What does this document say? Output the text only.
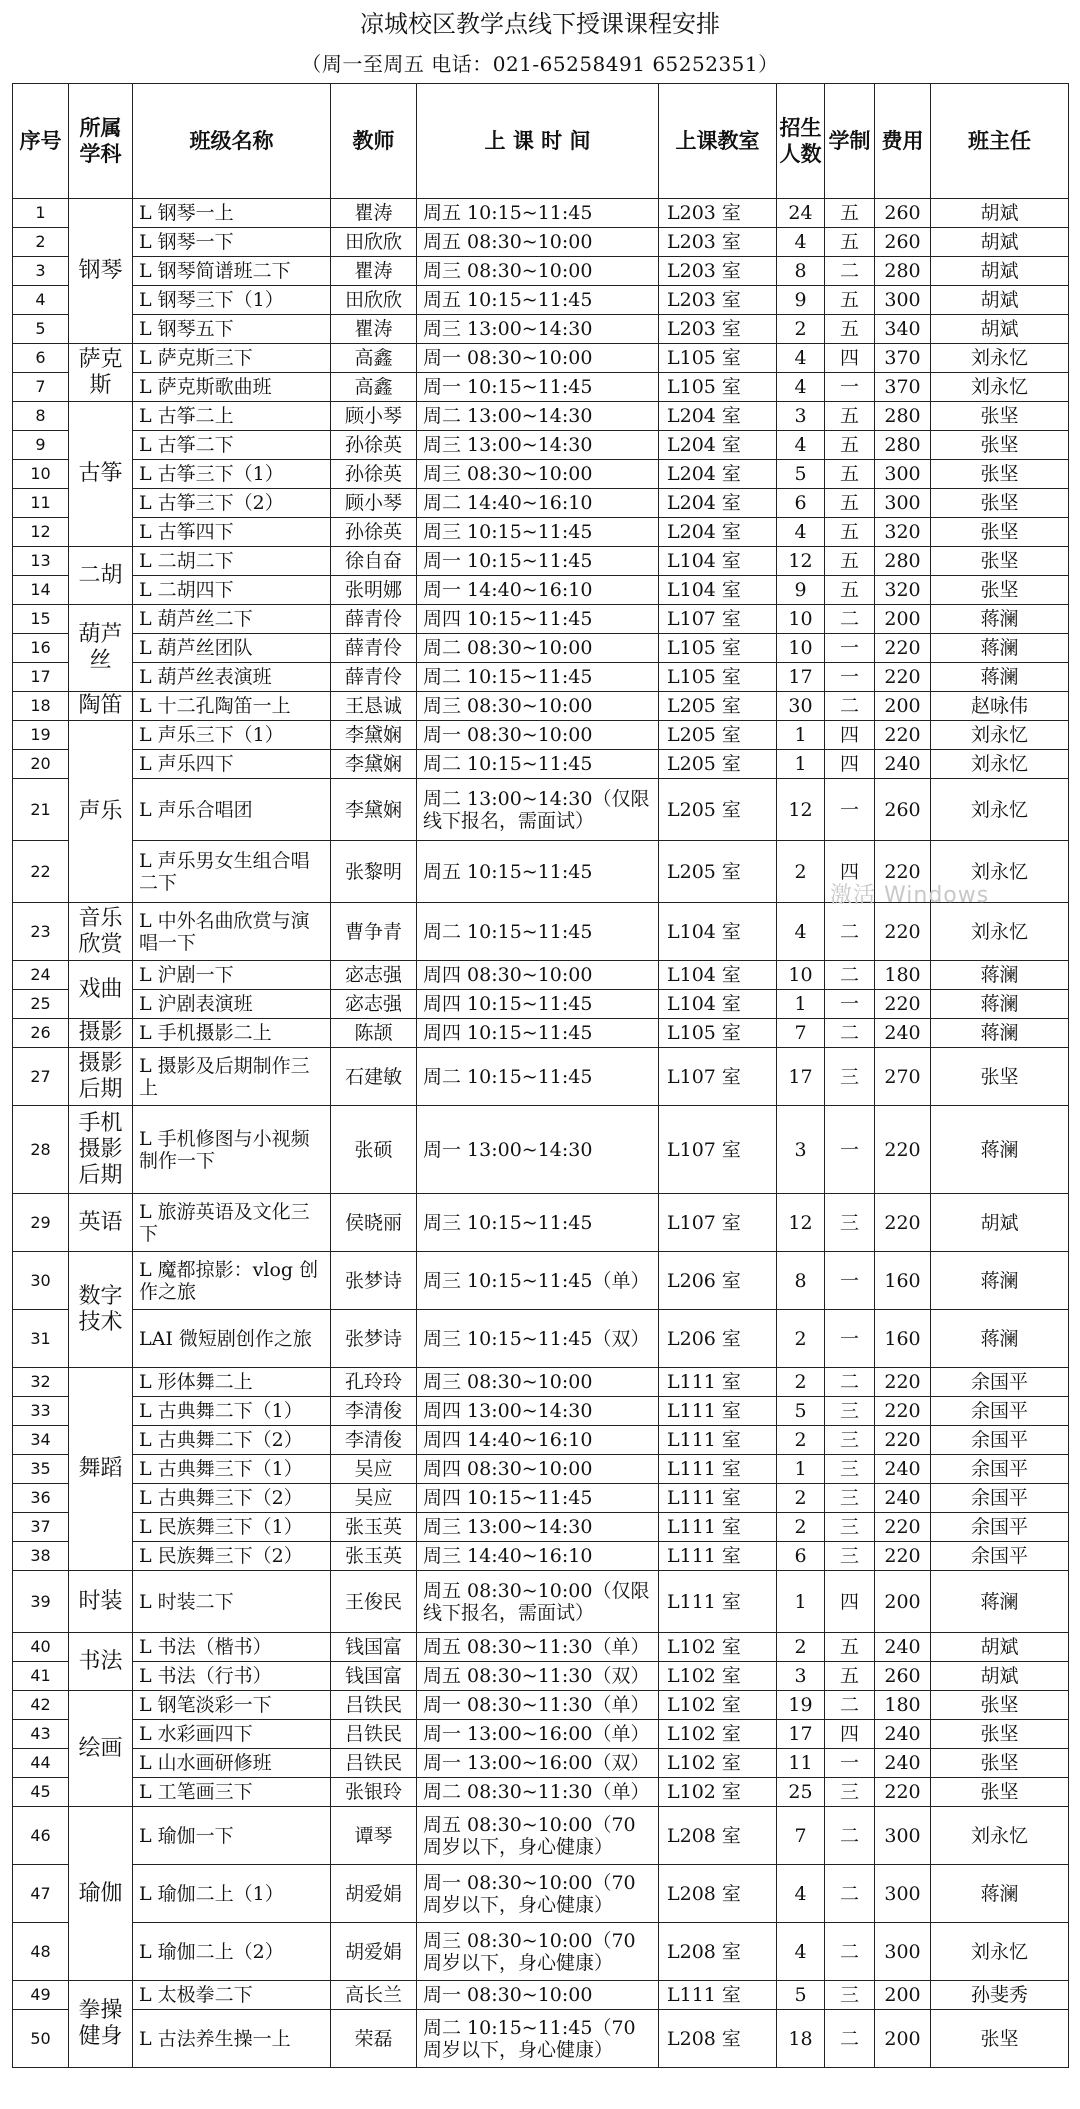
凉城校区教学点线下授课课程安排
（周一至周五 电话：021-65258491 65252351）
序号	所属学科	班级名称	教师	上 课 时 间	上课教室	招生人数	学制	费用	班主任
1	钢琴	L 钢琴一上	瞿涛	周五 10:15~11:45	L203 室	24	五	260	胡斌
2		L 钢琴一下	田欣欣	周五 08:30~10:00	L203 室	4	五	260	胡斌
3		L 钢琴简谱班二下	瞿涛	周三 08:30~10:00	L203 室	8	二	280	胡斌
4		L 钢琴三下（1）	田欣欣	周五 10:15~11:45	L203 室	9	五	300	胡斌
5		L 钢琴五下	瞿涛	周三 13:00~14:30	L203 室	2	五	340	胡斌
6	萨克斯	L 萨克斯三下	高鑫	周一 08:30~10:00	L105 室	4	四	370	刘永忆
7		L 萨克斯歌曲班	高鑫	周一 10:15~11:45	L105 室	4	一	370	刘永忆
8	古筝	L 古筝二上	顾小琴	周二 13:00~14:30	L204 室	3	五	280	张坚
9		L 古筝二下	孙徐英	周三 13:00~14:30	L204 室	4	五	280	张坚
10		L 古筝三下（1）	孙徐英	周三 08:30~10:00	L204 室	5	五	300	张坚
11		L 古筝三下（2）	顾小琴	周二 14:40~16:10	L204 室	6	五	300	张坚
12		L 古筝四下	孙徐英	周三 10:15~11:45	L204 室	4	五	320	张坚
13	二胡	L 二胡二下	徐自奋	周一 10:15~11:45	L104 室	12	五	280	张坚
14		L 二胡四下	张明娜	周一 14:40~16:10	L104 室	9	五	320	张坚
15	葫芦丝	L 葫芦丝二下	薛青伶	周四 10:15~11:45	L107 室	10	二	200	蒋澜
16		L 葫芦丝团队	薛青伶	周二 08:30~10:00	L105 室	10	一	220	蒋澜
17		L 葫芦丝表演班	薛青伶	周二 10:15~11:45	L105 室	17	一	220	蒋澜
18	陶笛	L 十二孔陶笛一上	王恳诚	周三 08:30~10:00	L205 室	30	二	200	赵咏伟
19	声乐	L 声乐三下（1）	李黛娴	周一 08:30~10:00	L205 室	1	四	220	刘永忆
20		L 声乐四下	李黛娴	周二 10:15~11:45	L205 室	1	四	240	刘永忆
21		L 声乐合唱团	李黛娴	周二 13:00~14:30（仅限线下报名，需面试）	L205 室	12	一	260	刘永忆
22		L 声乐男女生组合唱二下	张黎明	周五 10:15~11:45	L205 室	2	四	220	刘永忆
23	音乐欣赏	L 中外名曲欣赏与演唱一下	曹争青	周二 10:15~11:45	L104 室	4	二	220	刘永忆
24	戏曲	L 沪剧一下	宓志强	周四 08:30~10:00	L104 室	10	二	180	蒋澜
25		L 沪剧表演班	宓志强	周四 10:15~11:45	L104 室	1	一	220	蒋澜
26	摄影	L 手机摄影二上	陈颉	周四 10:15~11:45	L105 室	7	二	240	蒋澜
27	摄影后期	L 摄影及后期制作三上	石建敏	周二 10:15~11:45	L107 室	17	三	270	张坚
28	手机摄影后期	L 手机修图与小视频制作一下	张硕	周一 13:00~14:30	L107 室	3	一	220	蒋澜
29	英语	L 旅游英语及文化三下	侯晓丽	周三 10:15~11:45	L107 室	12	三	220	胡斌
30	数字技术	L 魔都掠影：vlog 创作之旅	张梦诗	周三 10:15~11:45（单）	L206 室	8	一	160	蒋澜
31		LAI 微短剧创作之旅	张梦诗	周三 10:15~11:45（双）	L206 室	2	一	160	蒋澜
32	舞蹈	L 形体舞二上	孔玲玲	周三 08:30~10:00	L111 室	2	二	220	余国平
33		L 古典舞二下（1）	李清俊	周四 13:00~14:30	L111 室	5	三	220	余国平
34		L 古典舞二下（2）	李清俊	周四 14:40~16:10	L111 室	2	三	220	余国平
35		L 古典舞三下（1）	吴应	周四 08:30~10:00	L111 室	1	三	240	余国平
36		L 古典舞三下（2）	吴应	周四 10:15~11:45	L111 室	2	三	240	余国平
37		L 民族舞三下（1）	张玉英	周三 13:00~14:30	L111 室	2	三	220	余国平
38		L 民族舞三下（2）	张玉英	周三 14:40~16:10	L111 室	6	三	220	余国平
39	时装	L 时装二下	王俊民	周五 08:30~10:00（仅限线下报名，需面试）	L111 室	1	四	200	蒋澜
40	书法	L 书法（楷书）	钱国富	周五 08:30~11:30（单）	L102 室	2	五	240	胡斌
41		L 书法（行书）	钱国富	周五 08:30~11:30（双）	L102 室	3	五	260	胡斌
42	绘画	L 钢笔淡彩一下	吕铁民	周一 08:30~11:30（单）	L102 室	19	二	180	张坚
43		L 水彩画四下	吕铁民	周一 13:00~16:00（单）	L102 室	17	四	240	张坚
44		L 山水画研修班	吕铁民	周一 13:00~16:00（双）	L102 室	11	一	240	张坚
45		L 工笔画三下	张银玲	周二 08:30~11:30（单）	L102 室	25	三	220	张坚
46	瑜伽	L 瑜伽一下	谭琴	周五 08:30~10:00（70 周岁以下，身心健康）	L208 室	7	二	300	刘永忆
47		L 瑜伽二上（1）	胡爱娟	周一 08:30~10:00（70 周岁以下，身心健康）	L208 室	4	二	300	蒋澜
48		L 瑜伽二上（2）	胡爱娟	周三 08:30~10:00（70 周岁以下，身心健康）	L208 室	4	二	300	刘永忆
49	拳操健身	L 太极拳二下	高长兰	周一 08:30~10:00	L111 室	5	三	200	孙斐秀
50		L 古法养生操一上	荣磊	周二 10:15~11:45（70 周岁以下，身心健康）	L208 室	18	二	200	张坚
激活 Windows
